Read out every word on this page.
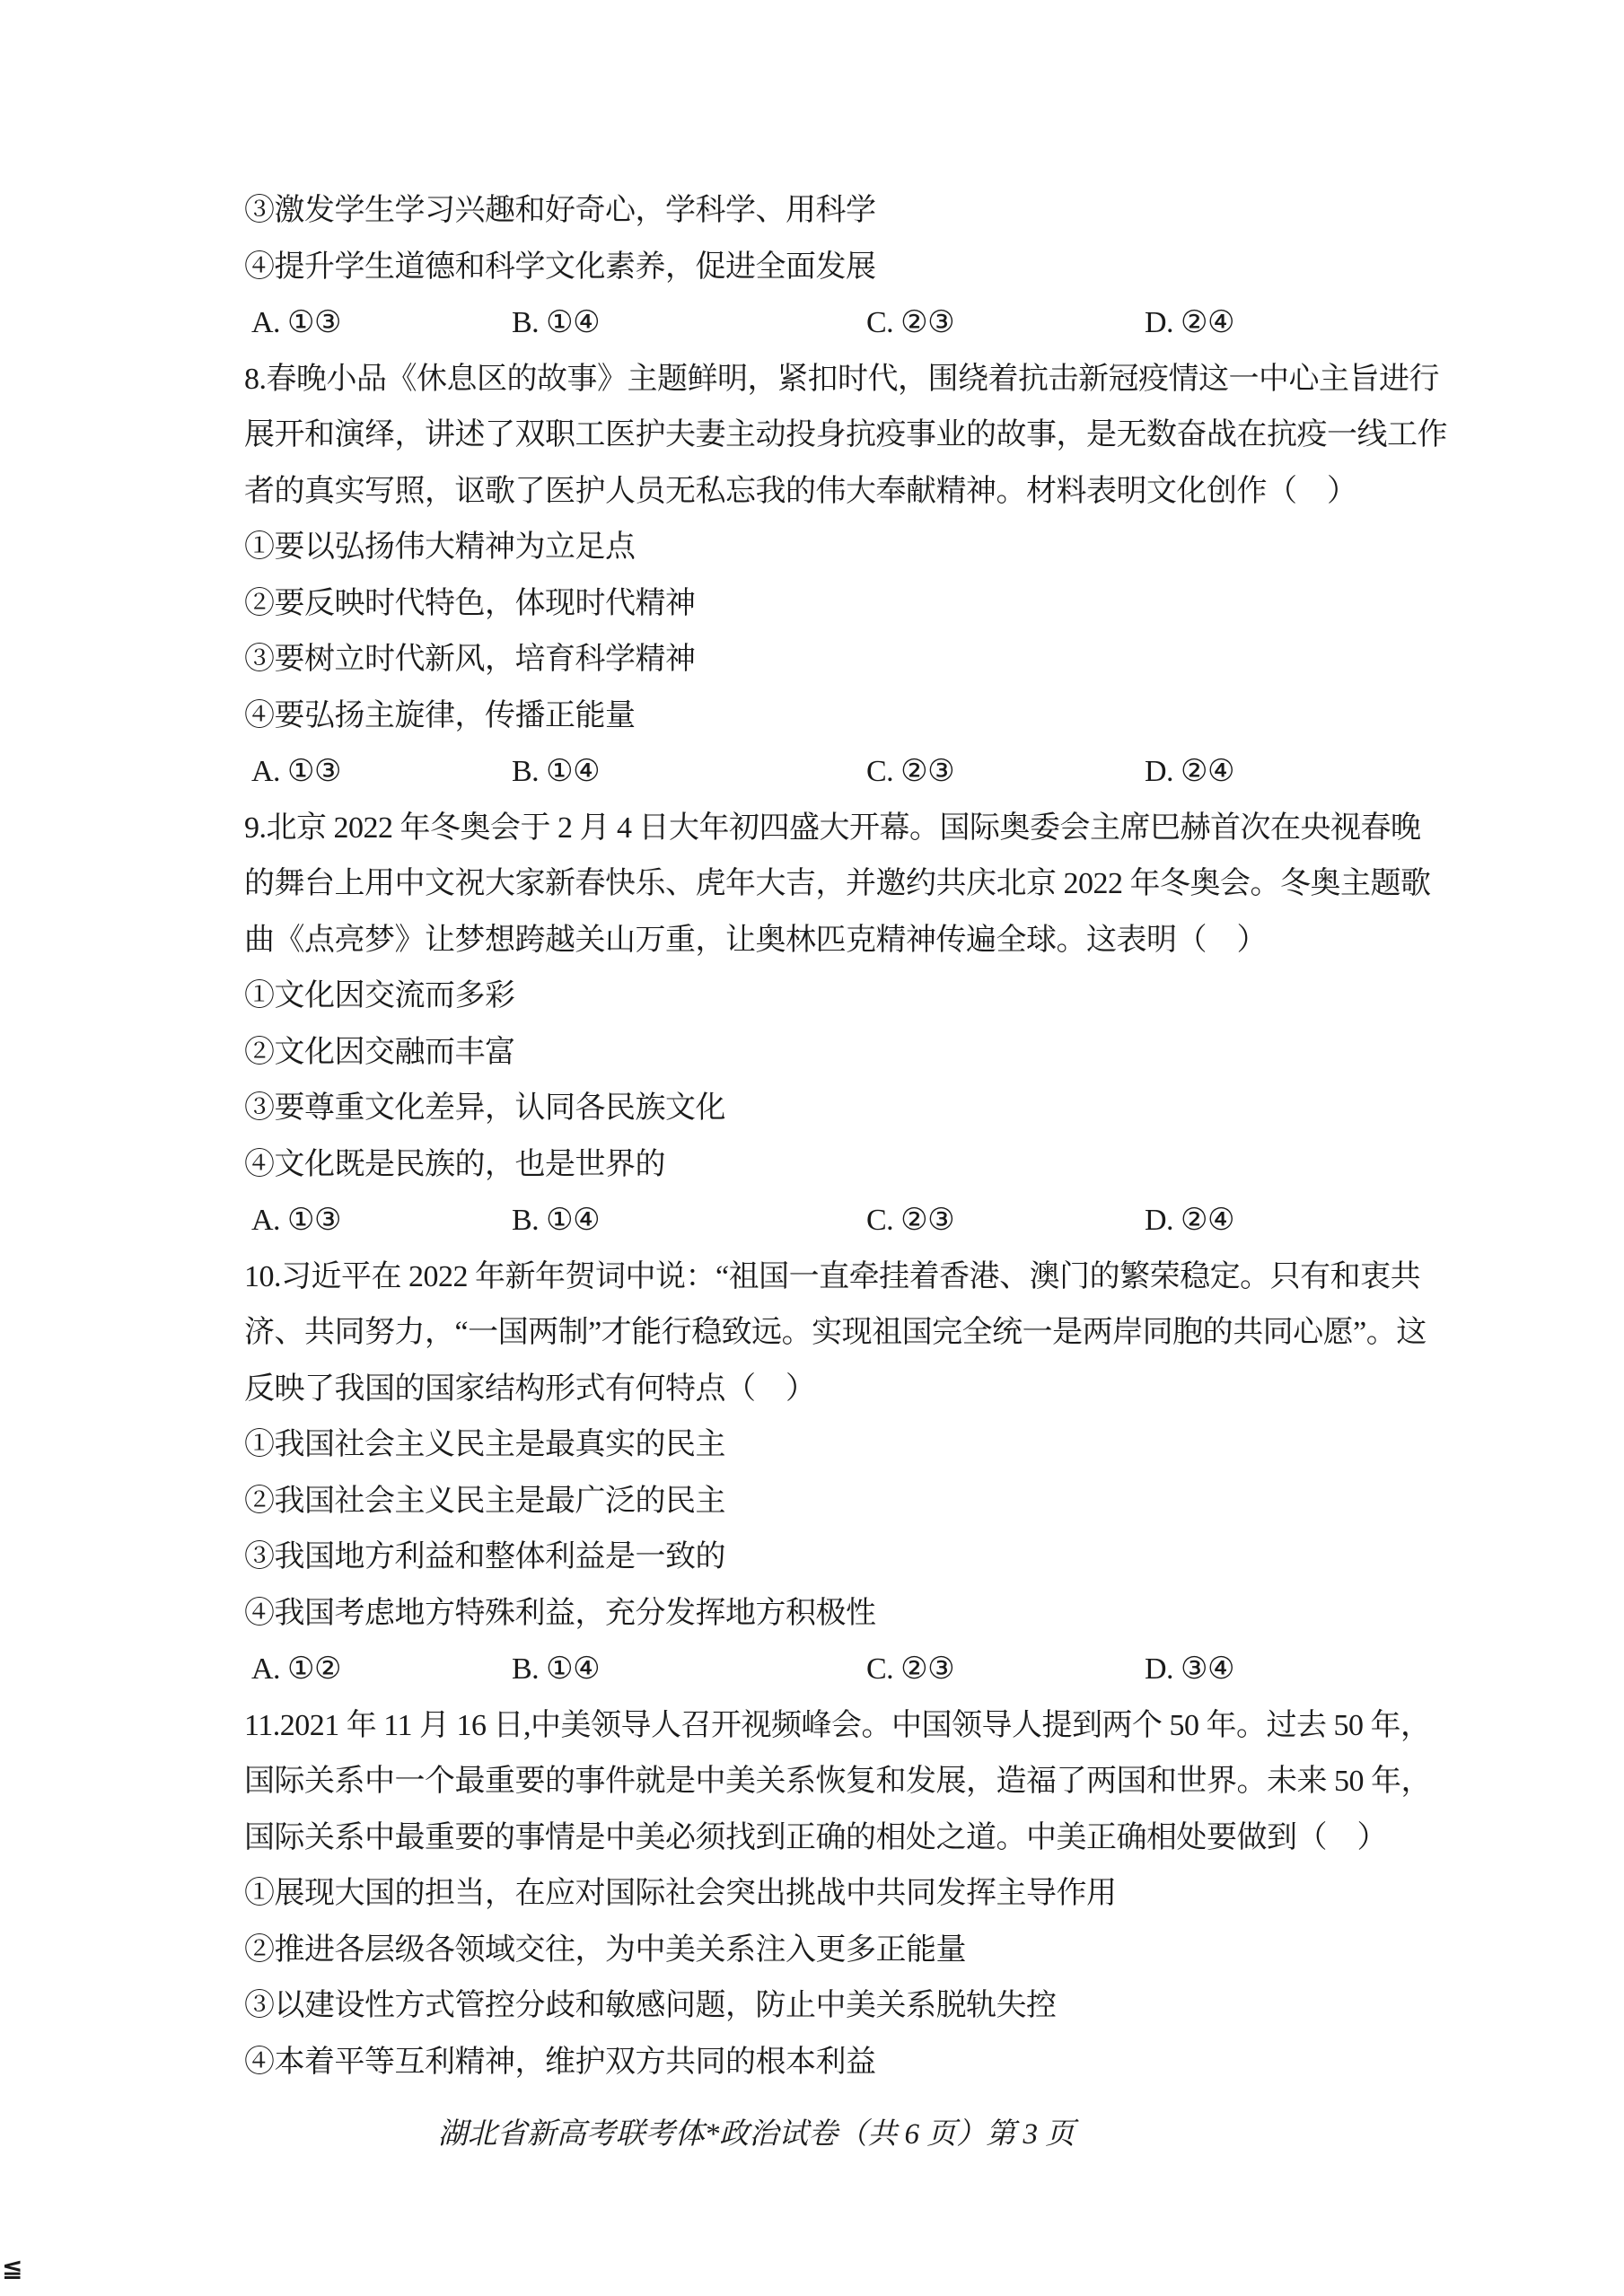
③激发学生学习兴趣和好奇心，学科学、用科学
④提升学生道德和科学文化素养，促进全面发展
A. ①③	B. ①④	C. ②③	D. ②④
8.春晚小品《休息区的故事》主题鲜明，紧扣时代，围绕着抗击新冠疫情这一中心主旨进行
展开和演绎，讲述了双职工医护夫妻主动投身抗疫事业的故事，是无数奋战在抗疫一线工作
者的真实写照，讴歌了医护人员无私忘我的伟大奉献精神。材料表明文化创作（　）
①要以弘扬伟大精神为立足点
②要反映时代特色，体现时代精神
③要树立时代新风，培育科学精神
④要弘扬主旋律，传播正能量
A. ①③	B. ①④	C. ②③	D. ②④
9.北京 2022 年冬奥会于 2 月 4 日大年初四盛大开幕。国际奥委会主席巴赫首次在央视春晚
的舞台上用中文祝大家新春快乐、虎年大吉，并邀约共庆北京 2022 年冬奥会。冬奥主题歌
曲《点亮梦》让梦想跨越关山万重，让奥林匹克精神传遍全球。这表明（　）
①文化因交流而多彩
②文化因交融而丰富
③要尊重文化差异，认同各民族文化
④文化既是民族的，也是世界的
A. ①③	B. ①④	C. ②③	D. ②④
10.习近平在 2022 年新年贺词中说：“祖国一直牵挂着香港、澳门的繁荣稳定。只有和衷共
济、共同努力，“一国两制”才能行稳致远。实现祖国完全统一是两岸同胞的共同心愿”。这
反映了我国的国家结构形式有何特点（　）
①我国社会主义民主是最真实的民主
②我国社会主义民主是最广泛的民主
③我国地方利益和整体利益是一致的
④我国考虑地方特殊利益，充分发挥地方积极性
A. ①②	B. ①④	C. ②③	D. ③④
11.2021 年 11 月 16 日,中美领导人召开视频峰会。中国领导人提到两个 50 年。过去 50 年，
国际关系中一个最重要的事件就是中美关系恢复和发展，造福了两国和世界。未来 50 年，
国际关系中最重要的事情是中美必须找到正确的相处之道。中美正确相处要做到（　）
①展现大国的担当，在应对国际社会突出挑战中共同发挥主导作用
②推进各层级各领域交往，为中美关系注入更多正能量
③以建设性方式管控分歧和敏感问题，防止中美关系脱轨失控
④本着平等互利精神，维护双方共同的根本利益
湖北省新高考联考体*政治试卷（共 6 页）第 3 页
≦
